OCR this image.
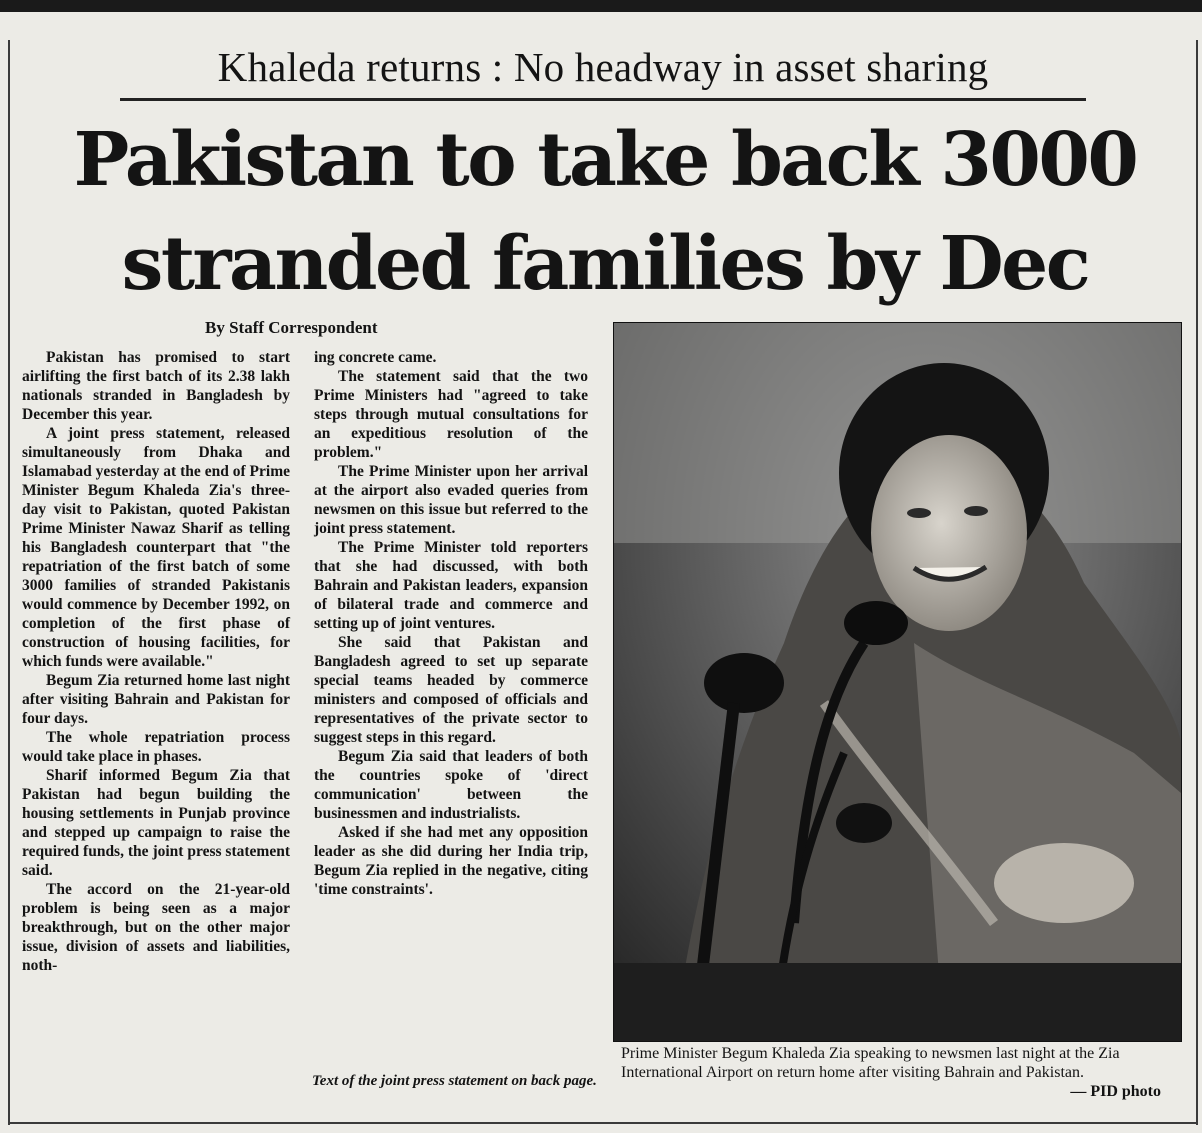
Khaleda returns : No headway in asset sharing
Pakistan to take back 3000
stranded families by Dec
By Staff Correspondent

Pakistan has promised to start airlifting the first batch of its 2.38 lakh nationals stranded in Bangladesh by December this year.

A joint press statement, released simultaneously from Dhaka and Islamabad yesterday at the end of Prime Minister Begum Khaleda Zia's three-day visit to Pakistan, quoted Pakistan Prime Minister Nawaz Sharif as telling his Bangladesh counterpart that "the repatriation of the first batch of some 3000 families of stranded Pakistanis would commence by December 1992, on completion of the first phase of construction of housing facilities, for which funds were available."

Begum Zia returned home last night after visiting Bahrain and Pakistan for four days.

The whole repatriation process would take place in phases.

Sharif informed Begum Zia that Pakistan had begun building the housing settlements in Punjab province and stepped up campaign to raise the required funds, the joint press statement said.

The accord on the 21-year-old problem is being seen as a major breakthrough, but on the other major issue, division of assets and liabilities, noth-

ing concrete came.

The statement said that the two Prime Ministers had "agreed to take steps through mutual consultations for an expeditious resolution of the problem."

The Prime Minister upon her arrival at the airport also evaded queries from newsmen on this issue but referred to the joint press statement.

The Prime Minister told reporters that she had discussed, with both Bahrain and Pakistan leaders, expansion of bilateral trade and commerce and setting up of joint ventures.

She said that Pakistan and Bangladesh agreed to set up separate special teams headed by commerce ministers and composed of officials and representatives of the private sector to suggest steps in this regard.

Begum Zia said that leaders of both the countries spoke of 'direct communication' between the businessmen and industrialists.

Asked if she had met any opposition leader as she did during her India trip, Begum Zia replied in the negative, citing 'time constraints'.

Text of the joint press statement on back page.
Prime Minister Begum Khaleda Zia speaking to newsmen last night at the Zia International Airport on return home after visiting Bahrain and Pakistan.
— PID photo
